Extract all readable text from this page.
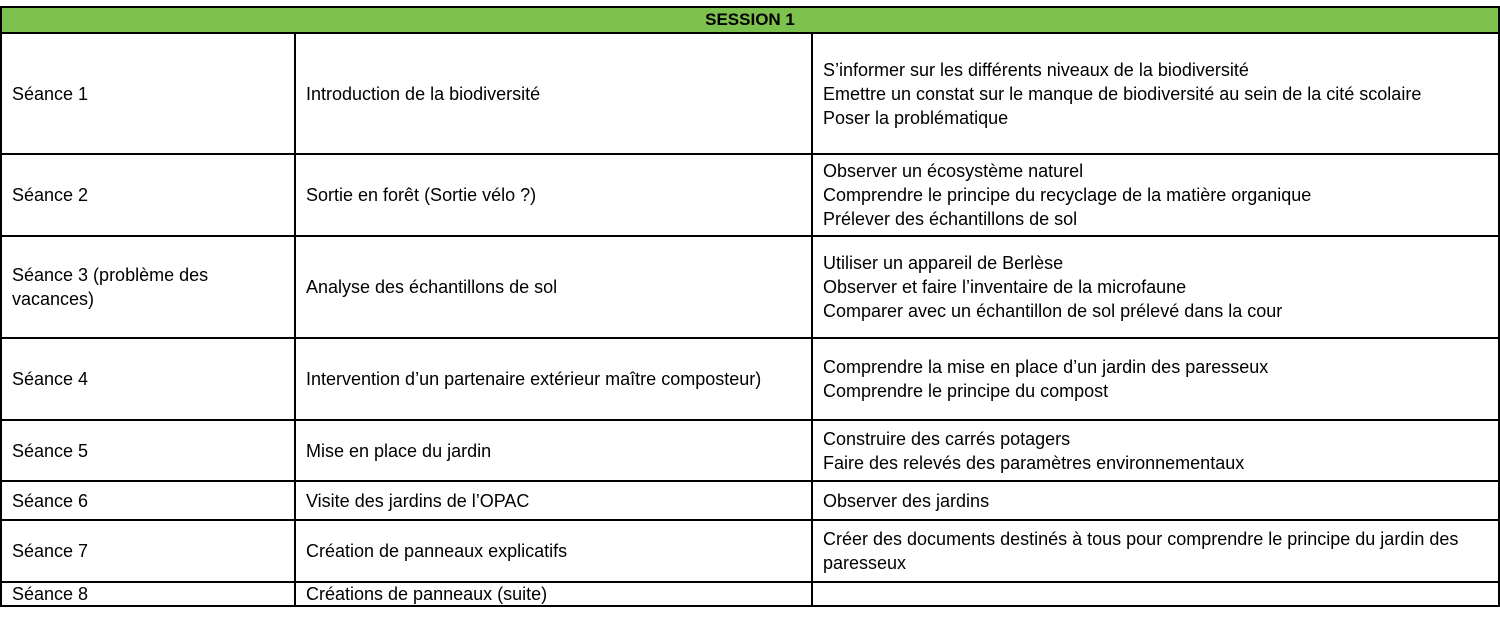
SESSION 1		
Séance 1	Introduction de la biodiversité	S’informer sur les différents niveaux de la biodiversité
Emettre un constat sur le manque de biodiversité au sein de la cité scolaire
Poser la problématique

Séance 2	Sortie en forêt (Sortie vélo ?)	Observer un écosystème naturel
Comprendre le principe du recyclage de la matière organique
Prélever des échantillons de sol

Séance 3 (problème des vacances)	Analyse des échantillons de sol	Utiliser un appareil de Berlèse
Observer et faire l’inventaire de la microfaune
Comparer avec un échantillon de sol prélevé dans la cour

Séance 4	Intervention d’un partenaire extérieur maître composteur)	Comprendre la mise en place d’un jardin des paresseux
Comprendre le principe du compost

Séance 5	Mise en place du jardin	Construire des carrés potagers
Faire des relevés des paramètres environnementaux

Séance 6	Visite des jardins de l’OPAC	Observer des jardins

Séance 7	Création de panneaux explicatifs	Créer des documents destinés à tous pour comprendre le principe du jardin des paresseux
Séance 8	Créations de panneaux (suite)	
